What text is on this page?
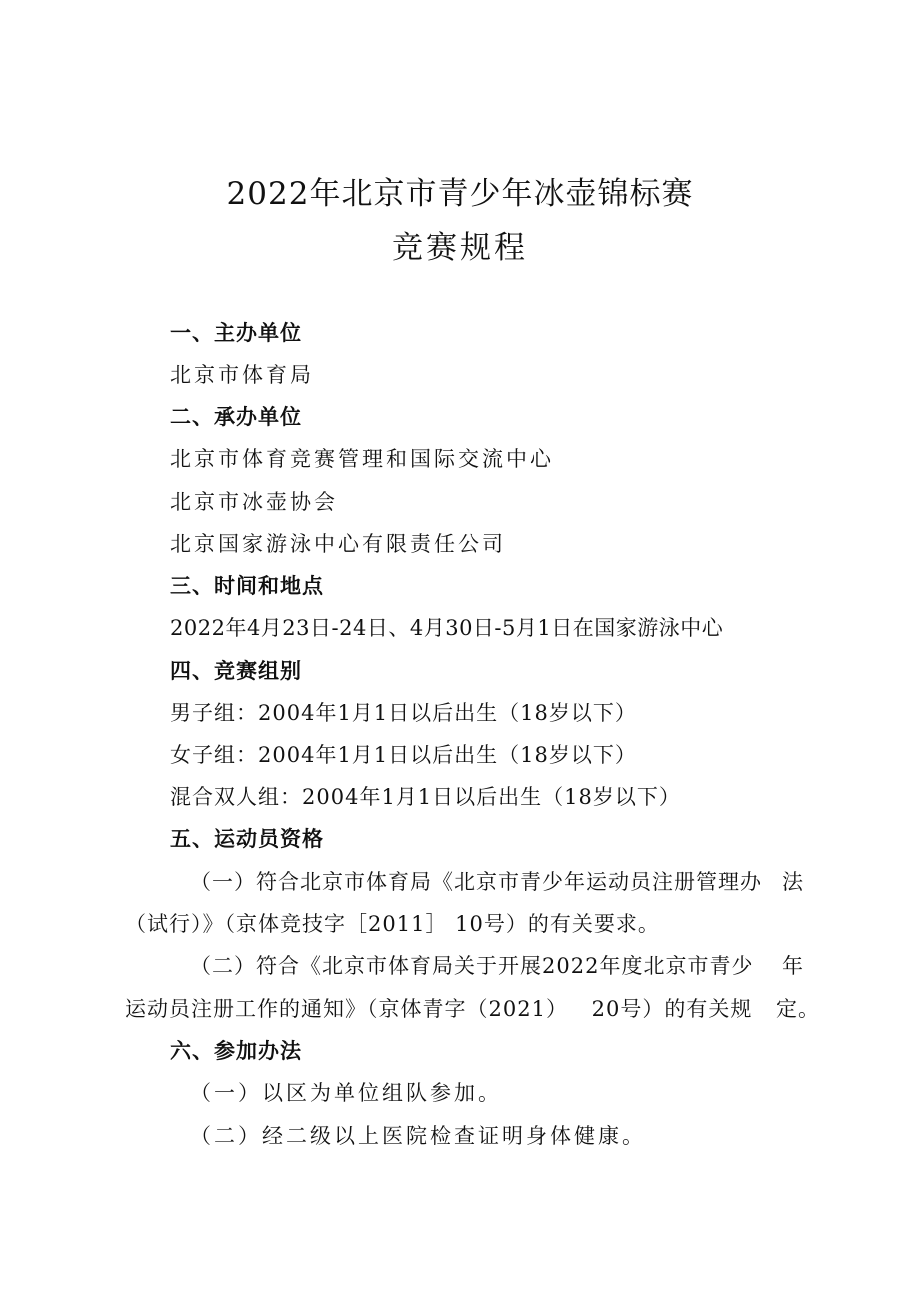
2022年北京市青少年冰壶锦标赛
竞赛规程
一、主办单位
北京市体育局
二、承办单位
北京市体育竞赛管理和国际交流中心
北京市冰壶协会
北京国家游泳中心有限责任公司
三、时间和地点
2022年4月23日-24日、4月30日-5月1日在国家游泳中心
四、竞赛组别
男子组：2004年1月1日以后出生（18岁以下）
女子组：2004年1月1日以后出生（18岁以下）
混合双人组：2004年1月1日以后出生（18岁以下）
五、运动员资格
（一）符合北京市体育局《北京市青少年运动员注册管理办 法
（试行）》（京体竞技字［2011］ 10号）的有关要求。
（二）符合《北京市体育局关于开展2022年度北京市青少 年
运动员注册工作的通知》（京体青字（2021） 20号）的有关规 定。
六、参加办法
（一）以区为单位组队参加。
（二）经二级以上医院检查证明身体健康。
